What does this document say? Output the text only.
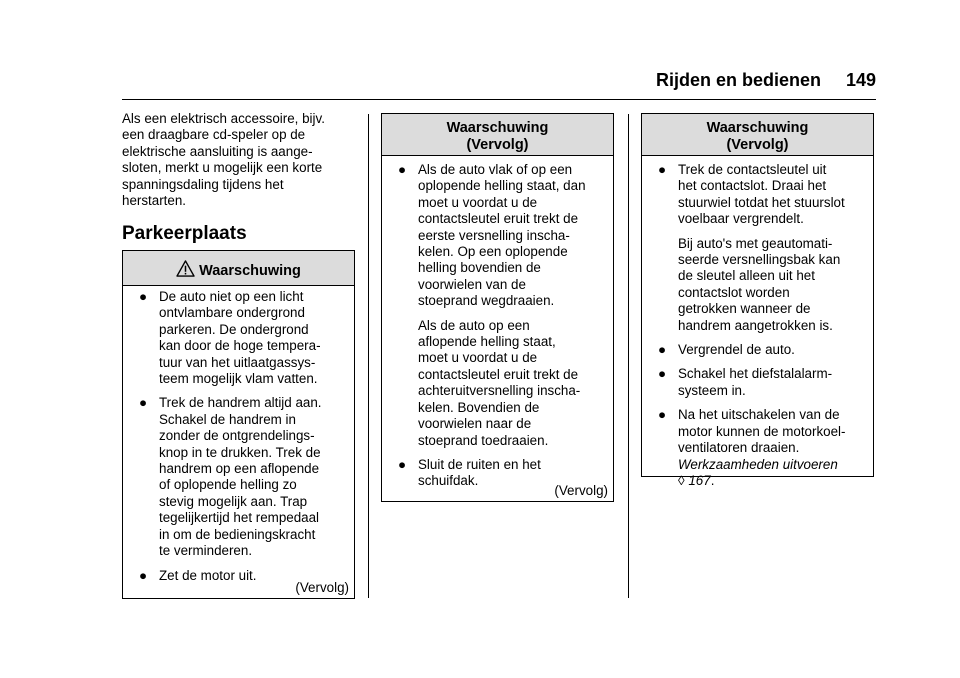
Rijden en bedienen 149
Als een elektrisch accessoire, bijv.
een draagbare cd-speler op de
elektrische aansluiting is aange-
sloten, merkt u mogelijk een korte
spanningsdaling tijdens het
herstarten.
Parkeerplaats
Waarschuwing
● De auto niet op een licht
ontvlambare ondergrond
parkeren. De ondergrond
kan door de hoge tempera-
tuur van het uitlaatgassys-
teem mogelijk vlam vatten.
● Trek de handrem altijd aan.
Schakel de handrem in
zonder de ontgrendelings-
knop in te drukken. Trek de
handrem op een aflopende
of oplopende helling zo
stevig mogelijk aan. Trap
tegelijkertijd het rempedaal
in om de bedieningskracht
te verminderen.
● Zet de motor uit.
(Vervolg)
Waarschuwing
(Vervolg)
● Als de auto vlak of op een
oplopende helling staat, dan
moet u voordat u de
contactsleutel eruit trekt de
eerste versnelling inscha-
kelen. Op een oplopende
helling bovendien de
voorwielen van de
stoeprand wegdraaien.

Als de auto op een
aflopende helling staat,
moet u voordat u de
contactsleutel eruit trekt de
achteruitversnelling inscha-
kelen. Bovendien de
voorwielen naar de
stoeprand toedraaien.

● Sluit de ruiten en het
schuifdak.
(Vervolg)
Waarschuwing
(Vervolg)
● Trek de contactsleutel uit
het contactslot. Draai het
stuurwiel totdat het stuurslot
voelbaar vergrendelt.

Bij auto's met geautomati-
seerde versnellingsbak kan
de sleutel alleen uit het
contactslot worden
getrokken wanneer de
handrem aangetrokken is.

● Vergrendel de auto.
● Schakel het diefstalalarm-
systeem in.
● Na het uitschakelen van de
motor kunnen de motorkoel-
ventilatoren draaien.
Werkzaamheden uitvoeren
◊ 167.
